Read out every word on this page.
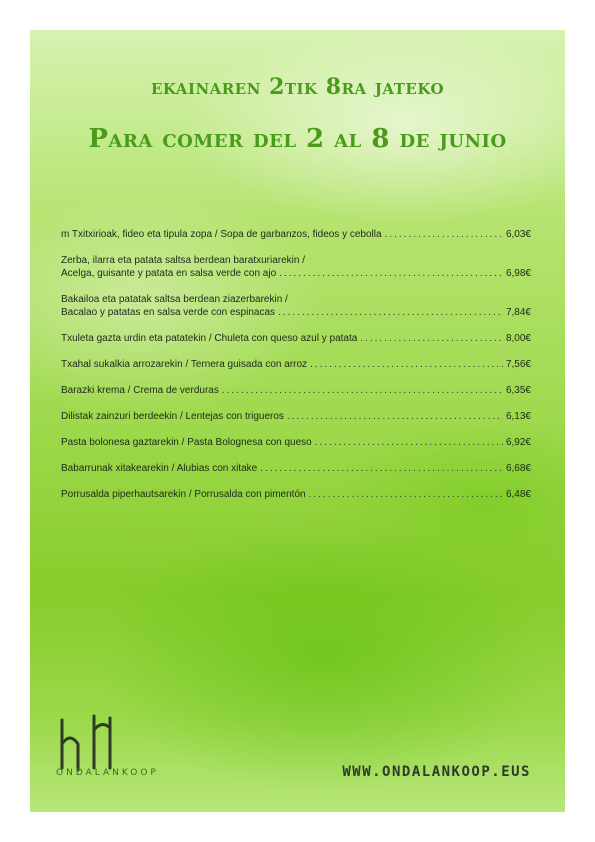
ekainaren 2tik 8ra jateko
Para comer del 2 al 8 de junio
m Txitxirioak, fideo eta tipula zopa / Sopa de garbanzos, fideos y cebolla .....	6,03€
Zerba, ilarra eta patata saltsa berdean baratxuriarekin /
Acelga, guisante y patata en salsa verde con ajo .....	6,98€
Bakailoa eta patatak saltsa berdean ziazerbarekin /
Bacalao y patatas en salsa verde con espinacas .....	7,84€
Txuleta gazta urdin eta patatekin / Chuleta con queso azul y patata .....	8,00€
Txahal sukalkia arrozarekin / Ternera guisada con arroz .....	7,56€
Barazki krema / Crema de verduras .....	6,35€
Dilistak zainzuri berdeekin / Lentejas con trigueros .....	6,13€
Pasta bolonesa gaztarekin / Pasta Bolognesa con queso .....	6,92€
Babarrunak xitakearekin / Alubias con xitake .....	6,68€
Porrusalda piperhautsarekin / Porrusalda con pimentón .....	6,48€
ONDALANKOOP	WWW.ONDALANKOOP.EUS
